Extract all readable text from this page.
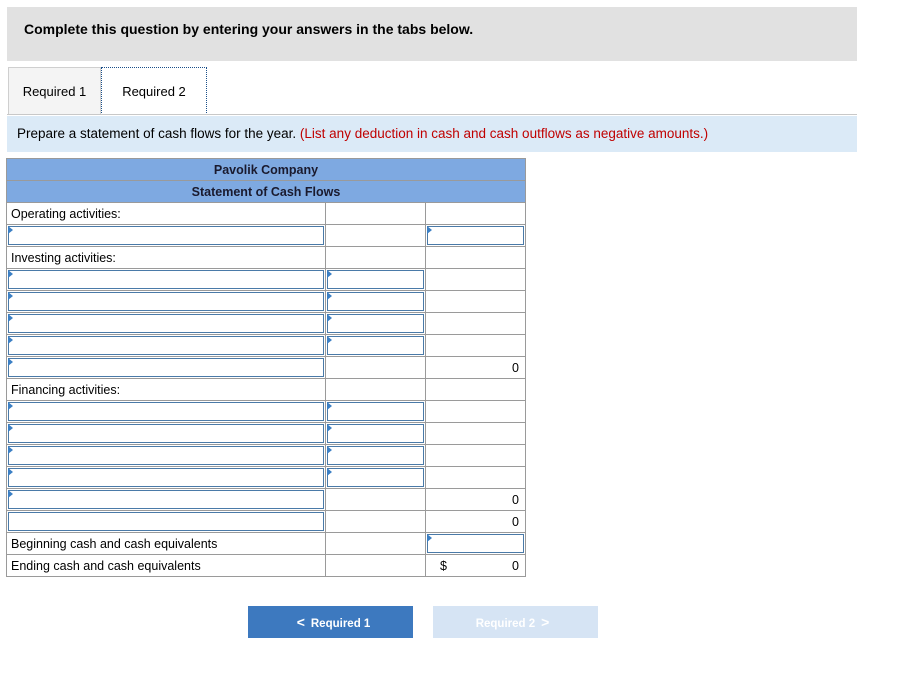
Complete this question by entering your answers in the tabs below.
Required 1	Required 2
Prepare a statement of cash flows for the year. (List any deduction in cash and cash outflows as negative amounts.)
Pavolik Company		
Statement of Cash Flows		
Operating activities:		

Investing activities:		

		0
Financing activities:		

		0

		0
Beginning cash and cash equivalents		

Ending cash and cash equivalents		$ 0
< Required 1	Required 2 >
